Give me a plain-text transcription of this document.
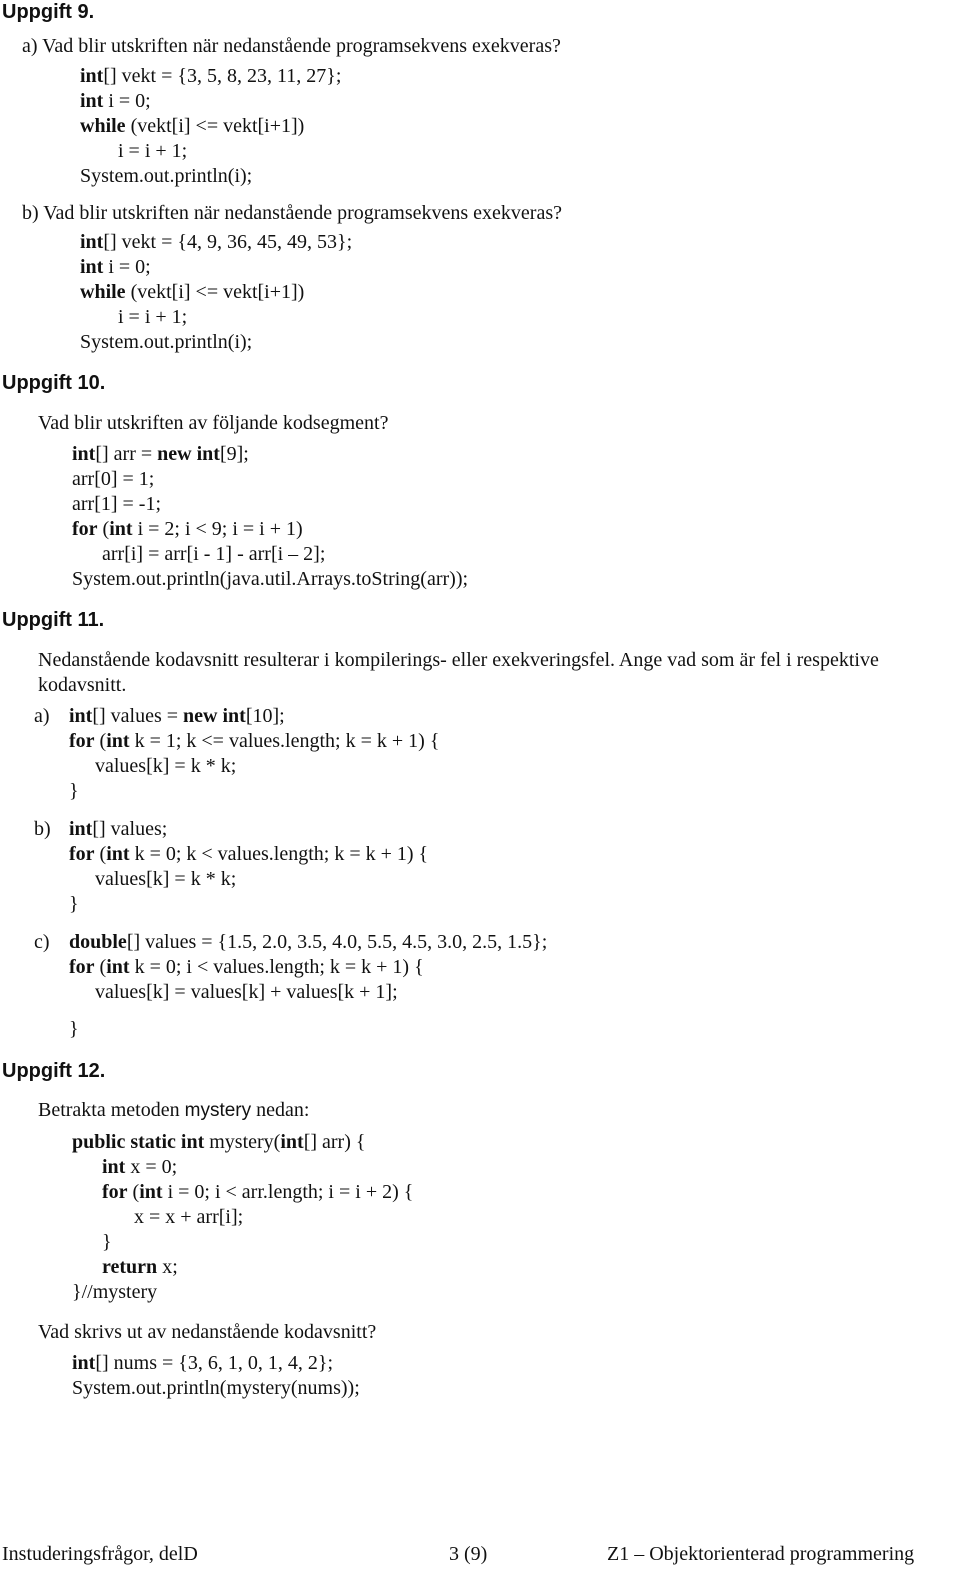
Uppgift 9.
a) Vad blir utskriften när nedanstående programsekvens exekveras?
int[] vekt = {3, 5, 8, 23, 11, 27};
int i = 0;
while (vekt[i] <= vekt[i+1])
i = i + 1;
System.out.println(i);
b) Vad blir utskriften när nedanstående programsekvens exekveras?
int[] vekt = {4, 9, 36, 45, 49, 53};
int i = 0;
while (vekt[i] <= vekt[i+1])
i = i + 1;
System.out.println(i);
Uppgift 10.
Vad blir utskriften av följande kodsegment?
int[] arr = new int[9];
arr[0] = 1;
arr[1] = -1;
for (int i = 2; i < 9; i = i + 1)
arr[i] = arr[i - 1] - arr[i – 2];
System.out.println(java.util.Arrays.toString(arr));
Uppgift 11.
Nedanstående kodavsnitt resulterar i kompilerings- eller exekveringsfel. Ange vad som är fel i respektive
kodavsnitt.
a) int[] values = new int[10];
for (int k = 1; k <= values.length; k = k + 1) {
values[k] = k * k;
}
b) int[] values;
for (int k = 0; k < values.length; k = k + 1) {
values[k] = k * k;
}
c) double[] values = {1.5, 2.0, 3.5, 4.0, 5.5, 4.5, 3.0, 2.5, 1.5};
for (int k = 0; i < values.length; k = k + 1) {
values[k] = values[k] + values[k + 1];
}
Uppgift 12.
Betrakta metoden mystery nedan:
public static int mystery(int[] arr) {
int x = 0;
for (int i = 0; i < arr.length; i = i + 2) {
x = x + arr[i];
}
return x;
}//mystery
Vad skrivs ut av nedanstående kodavsnitt?
int[] nums = {3, 6, 1, 0, 1, 4, 2};
System.out.println(mystery(nums));
Instuderingsfrågor, delD	3 (9)	Z1 – Objektorienterad programmering
